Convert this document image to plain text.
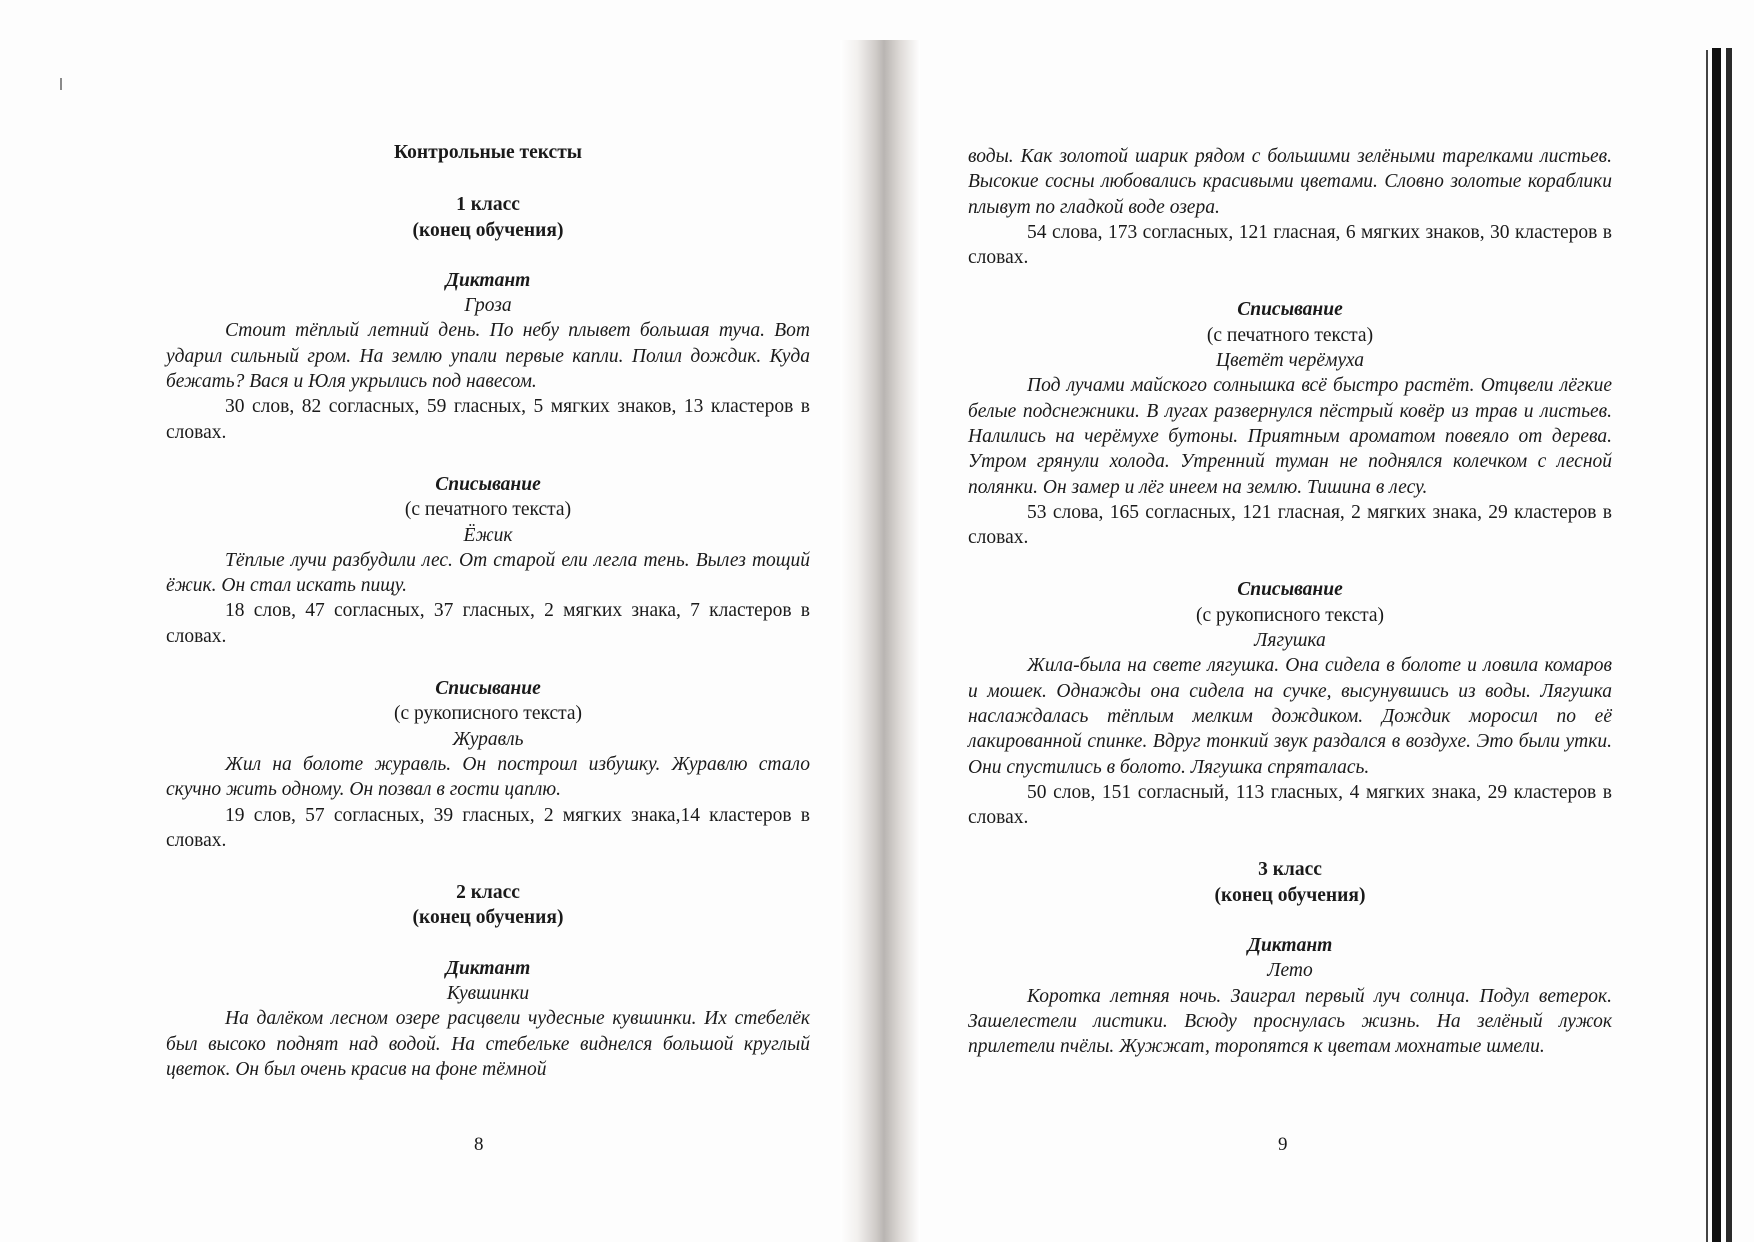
Контрольные тексты
1 класс
(конец обучения)
Диктант
Гроза

Стоит тёплый летний день. По небу плывет большая туча. Вот ударил сильный гром. На землю упали первые капли. Полил дождик. Куда бежать? Вася и Юля укрылись под навесом.

30 слов, 82 согласных, 59 гласных, 5 мягких знаков, 13 кластеров в словах.

Списывание
(с печатного текста)
Ёжик

Тёплые лучи разбудили лес. От старой ели легла тень. Вылез тощий ёжик. Он стал искать пищу.

18 слов, 47 согласных, 37 гласных, 2 мягких знака, 7 кластеров в словах.

Списывание
(с рукописного текста)
Журавль

Жил на болоте журавль. Он построил избушку. Журавлю стало скучно жить одному. Он позвал в гости цаплю.

19 слов, 57 согласных, 39 гласных, 2 мягких знака,14 кластеров в словах.

2 класс
(конец обучения)
Диктант
Кувшинки

На далёком лесном озере расцвели чудесные кувшинки. Их стебелёк был высоко поднят над водой. На стебельке виднелся большой круглый цветок. Он был очень красив на фоне тёмной

8

воды. Как золотой шарик рядом с большими зелёными тарелками листьев. Высокие сосны любовались красивыми цветами. Словно золотые кораблики плывут по гладкой воде озера.

54 слова, 173 согласных, 121 гласная, 6 мягких знаков, 30 кластеров в словах.

Списывание
(с печатного текста)
Цветёт черёмуха

Под лучами майского солнышка всё быстро растёт. Отцвели лёгкие белые подснежники. В лугах развернулся пёстрый ковёр из трав и листьев. Налились на черёмухе бутоны. Приятным ароматом повеяло от дерева. Утром грянули холода. Утренний туман не поднялся колечком с лесной полянки. Он замер и лёг инеем на землю. Тишина в лесу.

53 слова, 165 согласных, 121 гласная, 2 мягких знака, 29 кластеров в словах.

Списывание
(с рукописного текста)
Лягушка

Жила-была на свете лягушка. Она сидела в болоте и ловила комаров и мошек. Однажды она сидела на сучке, высунувшись из воды. Лягушка наслаждалась тёплым мелким дождиком. Дождик моросил по её лакированной спинке. Вдруг тонкий звук раздался в воздухе. Это были утки. Они спустились в болото. Лягушка спряталась.

50 слов, 151 согласный, 113 гласных, 4 мягких знака, 29 кластеров в словах.

3 класс
(конец обучения)
Диктант
Лето

Коротка летняя ночь. Заиграл первый луч солнца. Подул ветерок. Зашелестели листики. Всюду проснулась жизнь. На зелёный лужок прилетели пчёлы. Жужжат, торопятся к цветам мохнатые шмели.

9
